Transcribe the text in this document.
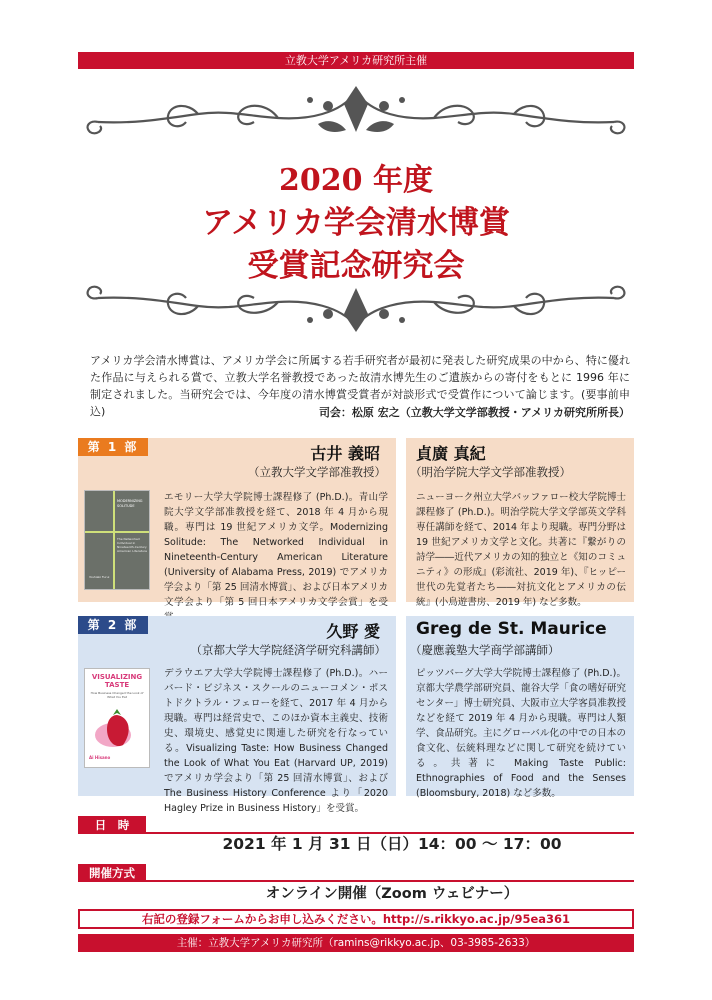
立教大学アメリカ研究所主催
2020 年度
アメリカ学会清水博賞
受賞記念研究会
アメリカ学会清水博賞は、アメリカ学会に所属する若手研究者が最初に発表した研究成果の中から、特に優れた作品に与えられる賞で、立教大学名誉教授であった故清水博先生のご遺族からの寄付をもとに 1996 年に制定されました。当研究会では、今年度の清水博賞受賞者が対談形式で受賞作について論じます。(要事前申込)	司会：松原 宏之（立教大学文学部教授・アメリカ研究所所長）
第 1 部	古井 義昭
（立教大学文学部准教授）
MODERNIZING SOLITUDE
The Networked Individual in Nineteenth-Century American Literature
Yoshiaki Furui
エモリー大学大学院博士課程修了 (Ph.D.)。青山学院大学文学部准教授を経て、2018 年 4 月から現職。専門は 19 世紀アメリカ文学。Modernizing Solitude: The Networked Individual in Nineteenth-Century American Literature (University of Alabama Press, 2019) でアメリカ学会より「第 25 回清水博賞」、および日本アメリカ文学会より「第 5 回日本アメリカ文学会賞」を受
貞廣 真紀
（明治学院大学文学部准教授）
ニューヨーク州立大学バッファロー校大学院博士課程修了 (Ph.D.)。明治学院大学文学部英文学科専任講師を経て、2014 年より現職。専門分野は 19 世紀アメリカ文学と文化。共著に『繋がりの詩学――近代アメリカの知的独立と《知のコミュニティ》の形成』(彩流社、2019 年)、『ヒッピー世代の先覚者たち――対抗文化とアメリカの伝統』(小鳥遊書房、2019 年) など多数。
第 2 部	久野 愛
（京都大学大学院経済学研究科講師）
VISUALIZING TASTE
How Business Changed the Look of What You Eat
Ai Hisano
デラウエア大学大学院博士課程修了 (Ph.D.)。ハーバード・ビジネス・スクールのニューコメン・ポストドクトラル・フェローを経て、2017 年 4 月から現職。専門は経営史で、このほか資本主義史、技術史、環境史、感覚史に関連した研究を行なっている。Visualizing Taste: How Business Changed the Look of What You Eat (Harvard UP, 2019) でアメリカ学会より「第 25 回清水博賞」、および The Business History Conference より「2020 Hagley Prize in Business History」を受賞。
Greg de St. Maurice
（慶應義塾大学商学部講師）
ピッツバーグ大学大学院博士課程修了 (Ph.D.)。京都大学農学部研究員、龍谷大学「食の嗜好研究センター」博士研究員、大阪市立大学客員准教授などを経て 2019 年 4 月から現職。専門は人類学、食品研究。主にグローバル化の中での日本の食文化、伝統料理などに関して研究を続けている。共著に Making Taste Public: Ethnographies of Food and the Senses (Bloomsbury, 2018) など多数。
日　時
2021 年 1 月 31 日（日）14：00 ～ 17：00
開催方式
オンライン開催（Zoom ウェビナー）
右記の登録フォームからお申し込みください。http://s.rikkyo.ac.jp/95ea361
主催：立教大学アメリカ研究所（ramins@rikkyo.ac.jp、03-3985-2633）
